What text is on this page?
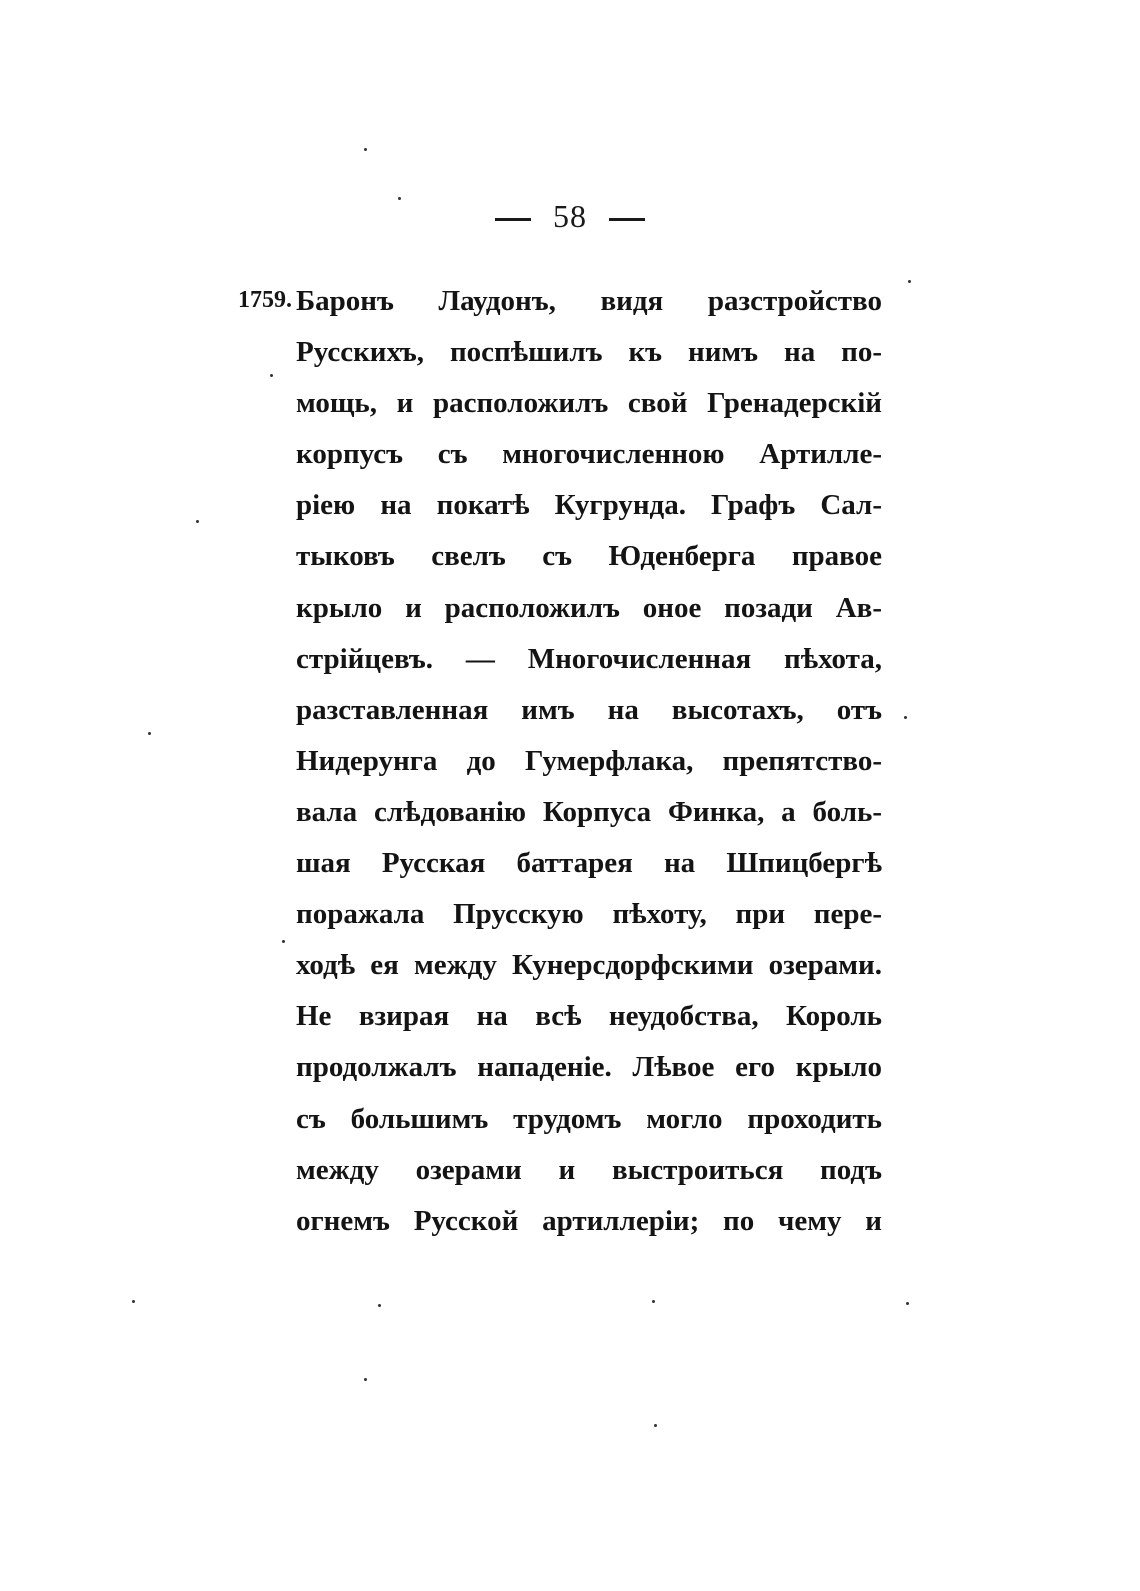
58
1759. Баронъ Лаудонъ, видя разстройство
Русскихъ, поспѣшилъ къ нимъ на по-
мощь, и расположилъ свой Гренадерскій
корпусъ съ многочисленною Артилле-
ріею на покатѣ Кугрунда. Графъ Сал-
тыковъ свелъ съ Юденберга правое
крыло и расположилъ оное позади Ав-
стрійцевъ. — Многочисленная пѣхота,
разставленная имъ на высотахъ, отъ
Нидерунга до Гумерфлака, препятство-
вала слѣдованію Корпуса Финка, а боль-
шая Русская баттарея на Шпицбергѣ
поражала Прусскую пѣхоту, при пере-
ходѣ ея между Кунерсдорфскими озерами.
Не взирая на всѣ неудобства, Король
продолжалъ нападеніе. Лѣвое его крыло
съ большимъ трудомъ могло проходить
между озерами и выстроиться подъ
огнемъ Русской артиллеріи; по чему и
